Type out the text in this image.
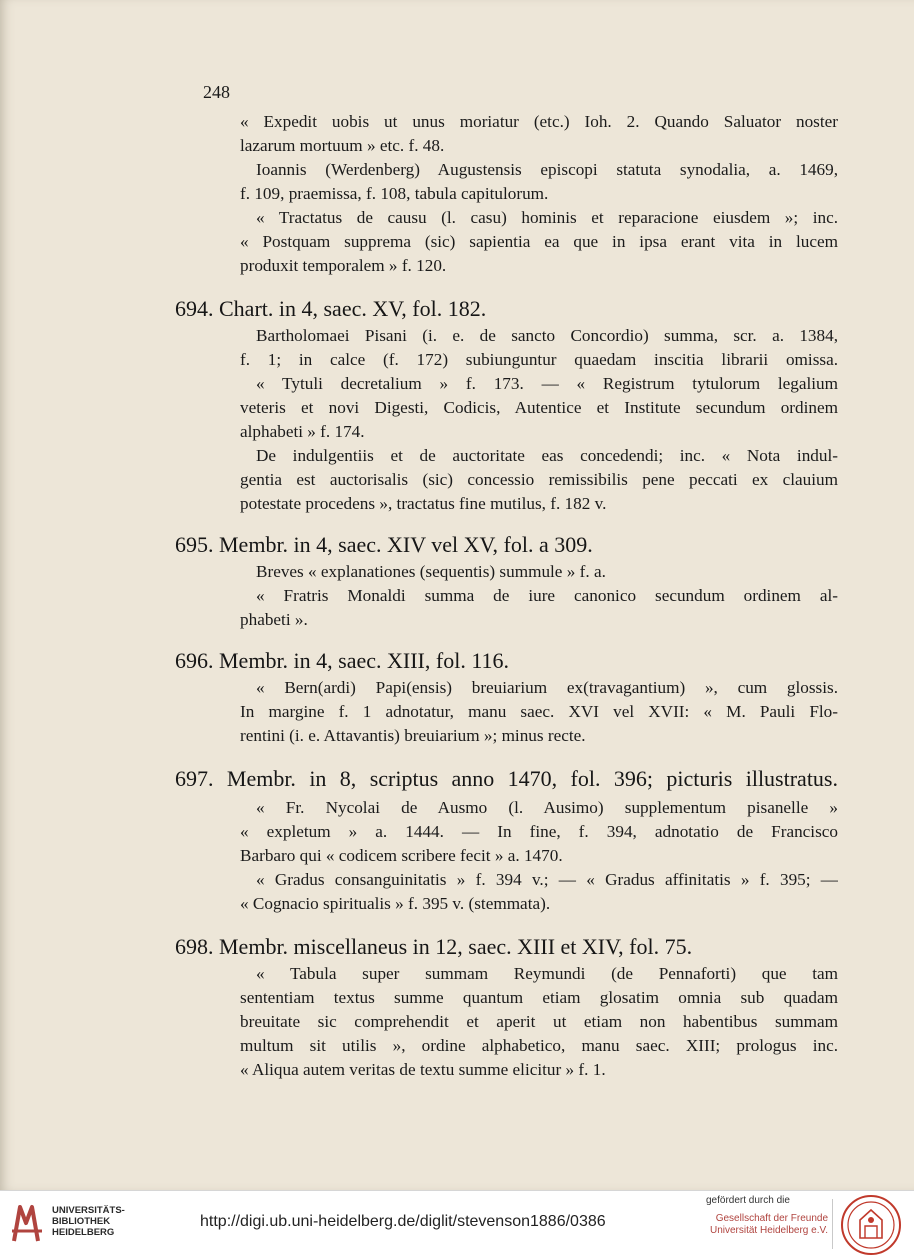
248
« Expedit uobis ut unus moriatur (etc.) Ioh. 2. Quando Saluator noster
lazarum mortuum » etc. f. 48.
Ioannis (Werdenberg) Augustensis episcopi statuta synodalia, a. 1469,
f. 109, praemissa, f. 108, tabula capitulorum.
« Tractatus de causu (l. casu) hominis et reparacione eiusdem »; inc.
« Postquam supprema (sic) sapientia ea que in ipsa erant vita in lucem
produxit temporalem » f. 120.
694. Chart. in 4, saec. XV, fol. 182.
Bartholomaei Pisani (i. e. de sancto Concordio) summa, scr. a. 1384,
f. 1; in calce (f. 172) subiunguntur quaedam inscitia librarii omissa.
« Tytuli decretalium » f. 173. — « Registrum tytulorum legalium
veteris et novi Digesti, Codicis, Autentice et Institute secundum ordinem
alphabeti » f. 174.
De indulgentiis et de auctoritate eas concedendi; inc. « Nota indul-
gentia est auctorisalis (sic) concessio remissibilis pene peccati ex clauium
potestate procedens », tractatus fine mutilus, f. 182 v.
695. Membr. in 4, saec. XIV vel XV, fol. a 309.
Breves « explanationes (sequentis) summule » f. a.
« Fratris Monaldi summa de iure canonico secundum ordinem al-
phabeti ».
696. Membr. in 4, saec. XIII, fol. 116.
« Bern(ardi) Papi(ensis) breuiarium ex(travagantium) », cum glossis.
In margine f. 1 adnotatur, manu saec. XVI vel XVII: « M. Pauli Flo-
rentini (i. e. Attavantis) breuiarium »; minus recte.
697. Membr. in 8, scriptus anno 1470, fol. 396; picturis illustratus.
« Fr. Nycolai de Ausmo (l. Ausimo) supplementum pisanelle »
« expletum » a. 1444. — In fine, f. 394, adnotatio de Francisco
Barbaro qui « codicem scribere fecit » a. 1470.
« Gradus consanguinitatis » f. 394 v.; — « Gradus affinitatis » f. 395; —
« Cognacio spiritualis » f. 395 v. (stemmata).
698. Membr. miscellaneus in 12, saec. XIII et XIV, fol. 75.
« Tabula super summam Reymundi (de Pennaforti) que tam
sententiam textus summe quantum etiam glosatim omnia sub quadam
breuitate sic comprehendit et aperit ut etiam non habentibus summam
multum sit utilis », ordine alphabetico, manu saec. XIII; prologus inc.
« Aliqua autem veritas de textu summe elicitur » f. 1.
UNIVERSITÄTS-
BIBLIOTHEK
HEIDELBERG
http://digi.ub.uni-heidelberg.de/diglit/stevenson1886/0386
gefördert durch die
Gesellschaft der Freunde
Universität Heidelberg e.V.
